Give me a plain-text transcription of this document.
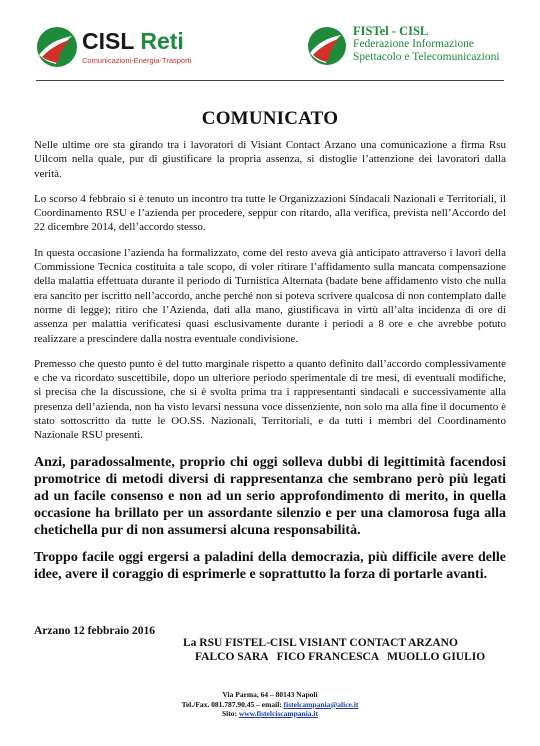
CISL Reti
Comunicazioni-Energia-Trasporti
FISTel - CISL
Federazione Informazione
Spettacolo e Telecomunicazioni
COMUNICATO

Nelle ultime ore sta girando tra i lavoratori di Visiant Contact Arzano una comunicazione a firma Rsu Uilcom nella quale, pur di giustificare la propria assenza, si distoglie l’attenzione dei lavoratori dalla verità.

Lo scorso 4 febbraio si è tenuto un incontro tra tutte le Organizzazioni Sindacali Nazionali e Territoriali, il Coordinamento RSU e l’azienda per procedere, seppur con ritardo, alla verifica, prevista nell’Accordo del 22 dicembre 2014, dell’accordo stesso.

In questa occasione l’azienda ha formalizzato, come del resto aveva già anticipato attraverso i lavori della Commissione Tecnica costituita a tale scopo, di voler ritirare l’affidamento sulla mancata compensazione della malattia effettuata durante il periodo di Turnistica Alternata (badate bene affidamento visto che nulla era sancito per iscritto nell’accordo, anche perché non si poteva scrivere qualcosa di non contemplato dalle norme di legge); ritiro che l’Azienda, dati alla mano, giustificava in virtù all’alta incidenza di ore di assenza per malattia verificatesi quasi esclusivamente durante i periodi a 8 ore e che avrebbe potuto realizzare a prescindere dalla nostra eventuale condivisione.

Premesso che questo punto è del tutto marginale rispetto a quanto definito dall’accordo complessivamente e che va ricordato suscettibile, dopo un ulteriore periodo sperimentale di tre mesi, di eventuali modifiche, si precisa che la discussione, che si è svolta prima tra i rappresentanti sindacali e successivamente alla presenza dell’azienda, non ha visto levarsi nessuna voce dissenziente, non solo ma alla fine il documento è stato sottoscritto da tutte le OO.SS. Nazionali, Territoriali, e da tutti i membri del Coordinamento Nazionale RSU presenti.

Anzi, paradossalmente, proprio chi oggi solleva dubbi di legittimità facendosi promotrice di metodi diversi di rappresentanza che sembrano però più legati ad un facile consenso e non ad un serio approfondimento di merito, in quella occasione ha brillato per un assordante silenzio e per una clamorosa fuga alla chetichella pur di non assumersi alcuna responsabilità.

Troppo facile oggi ergersi a paladini della democrazia, più difficile avere delle idee, avere il coraggio di esprimerle e soprattutto la forza di portarle avanti.

Arzano 12 febbraio 2016
La RSU FISTEL-CISL VISIANT CONTACT ARZANO
FALCO SARA   FICO FRANCESCA   MUOLLO GIULIO
Via Parma, 64 – 80143 Napoli
Tel./Fax. 081.787.90.45 – email: fistelcampania@alice.it
Sito: www.fistelciscampania.it
